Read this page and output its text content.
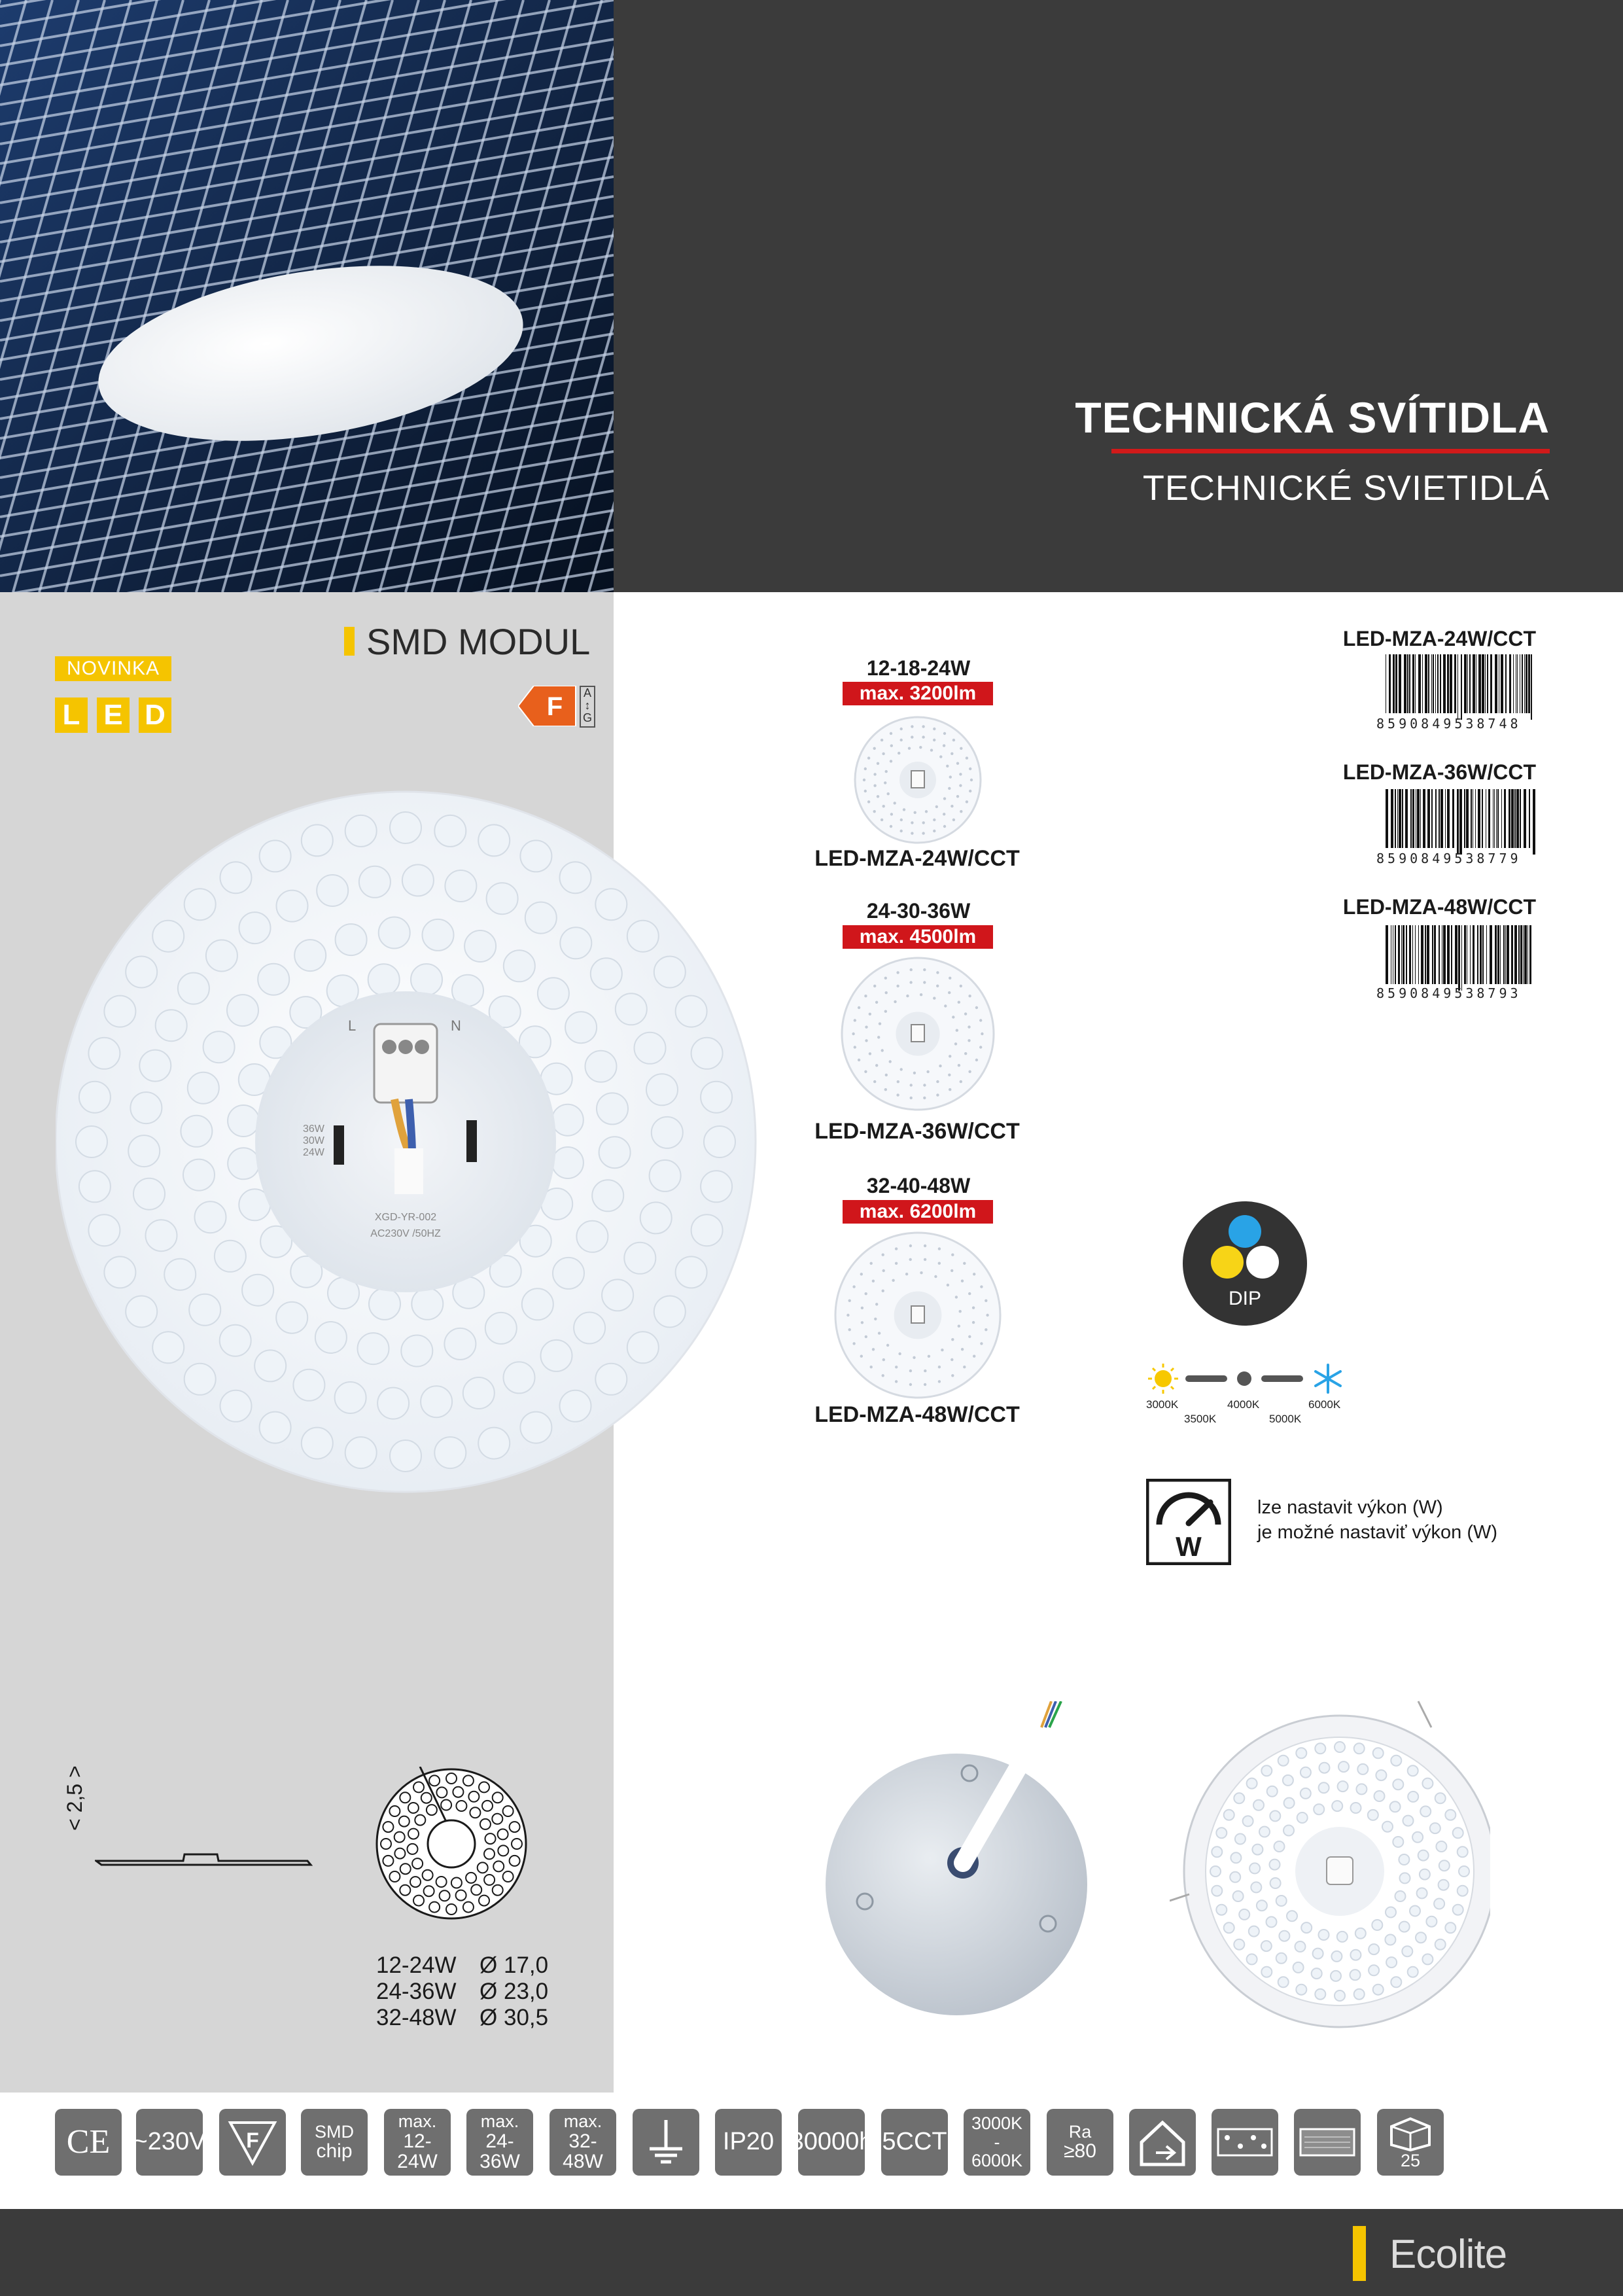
TECHNICKÁ SVÍTIDLA
TECHNICKÉ SVIETIDLÁ
NOVINKA
L E D
SMD MODUL
F A
↕
G
L	N
36W
30W
24W
XGD-YR-002
AC230V /50HZ
12-18-24W
max. 3200lm
LED-MZA-24W/CCT
24-30-36W
max. 4500lm
LED-MZA-36W/CCT
32-40-48W
max. 6200lm
LED-MZA-48W/CCT
LED-MZA-24W/CCT
8590849538748
LED-MZA-36W/CCT
8590849538779
LED-MZA-48W/CCT
8590849538793
DIP
3000K
3500K
4000K
5000K
6000K
W
lze nastavit výkon (W)
je možné nastaviť výkon (W)
< 2,5 >
12-24W Ø 17,0
24-36W Ø 23,0
32-48W Ø 30,5
CE ~230V F	SMD
chip
max.
12-24W
max.
24-36W
max.
32-48W
IP20 30000h 5CCT
3000K
-
6000K
Ra
≥80	25
Ecolite
